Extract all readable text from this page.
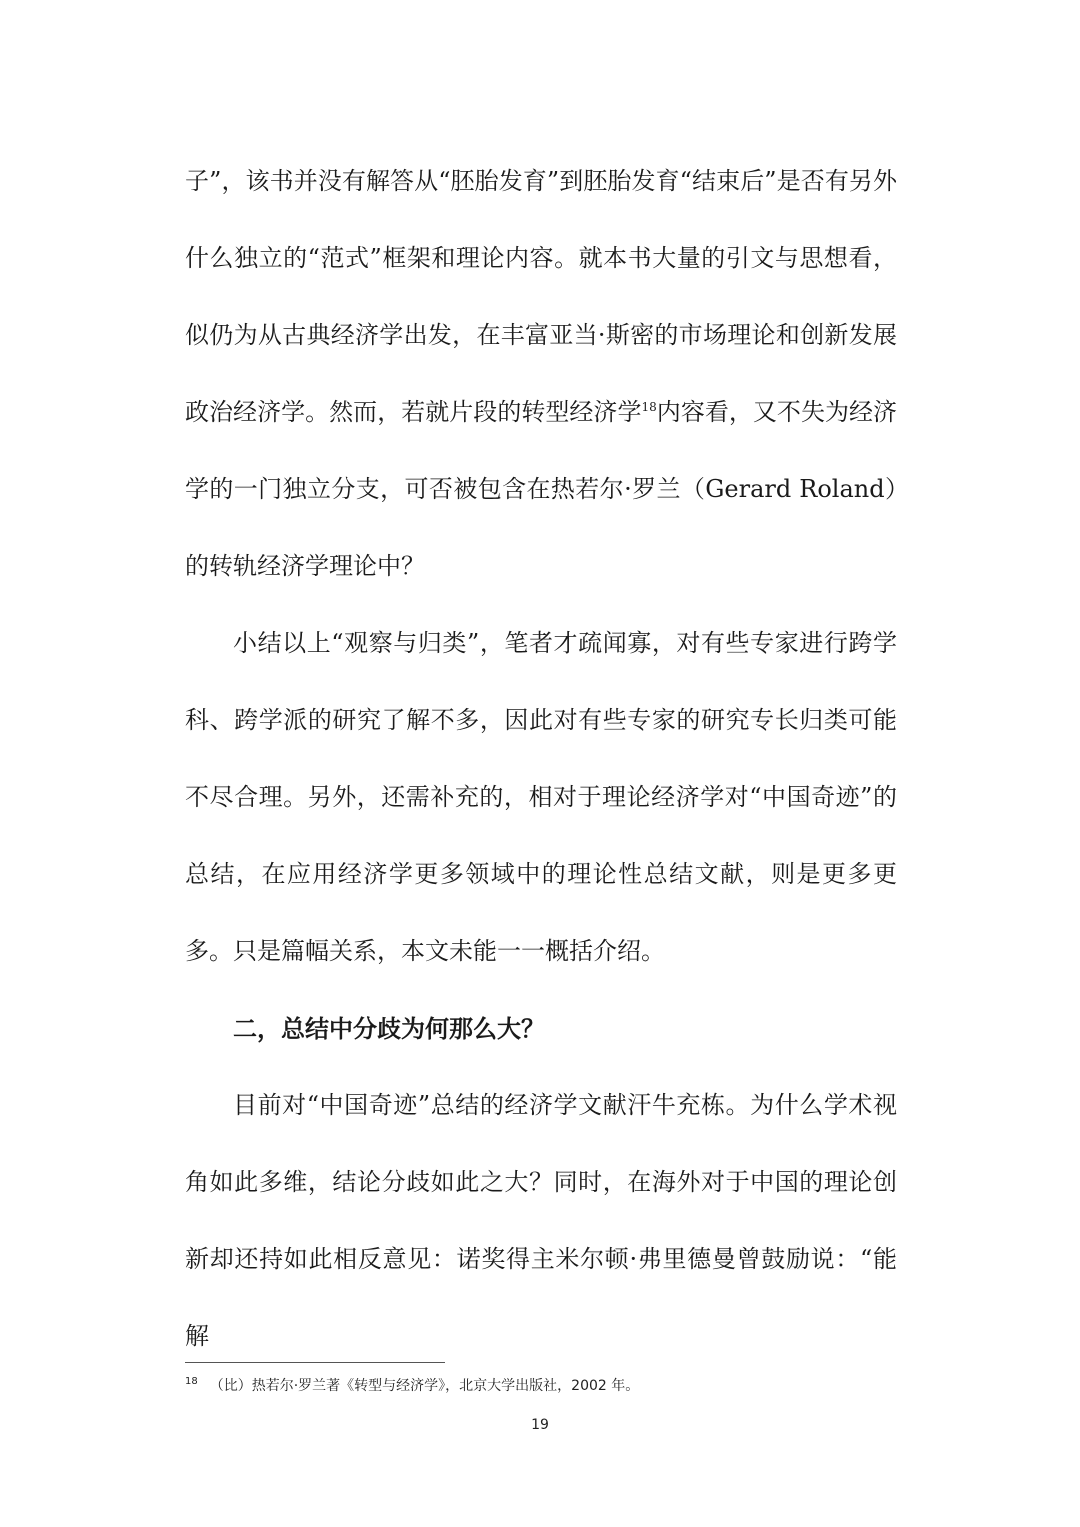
子”，该书并没有解答从“胚胎发育”到胚胎发育“结束后”是否有另外什么独立的“范式”框架和理论内容。就本书大量的引文与思想看，似仍为从古典经济学出发，在丰富亚当·斯密的市场理论和创新发展政治经济学。然而，若就片段的转型经济学$^{18}$内容看，又不失为经济学的一门独立分支，可否被包含在热若尔·罗兰（Gerard Roland）的转轨经济学理论中？

小结以上“观察与归类”，笔者才疏闻寡，对有些专家进行跨学科、跨学派的研究了解不多，因此对有些专家的研究专长归类可能不尽合理。另外，还需补充的，相对于理论经济学对“中国奇迹”的总结，在应用经济学更多领域中的理论性总结文献，则是更多更多。只是篇幅关系，本文未能一一概括介绍。

二，总结中分歧为何那么大？

目前对“中国奇迹”总结的经济学文献汗牛充栋。为什么学术视角如此多维，结论分歧如此之大？同时，在海外对于中国的理论创新却还持如此相反意见：诺奖得主米尔顿·弗里德曼曾鼓励说：“能解

$^{18}$ （比）热若尔·罗兰著《转型与经济学》，北京大学出版社，2002 年。
19
